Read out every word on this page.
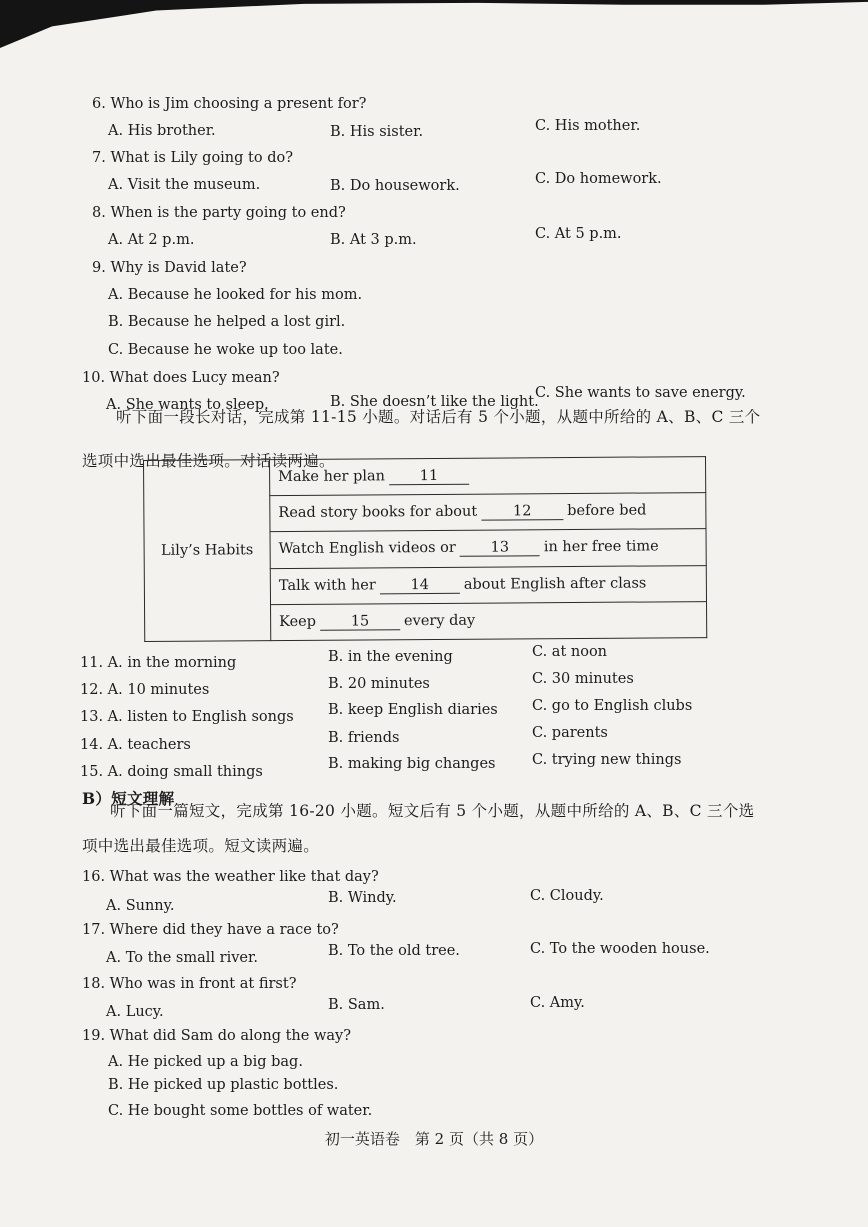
6. Who is Jim choosing a present for?
A. His brother.	B. His sister.	C. His mother.
7. What is Lily going to do?
A. Visit the museum.	B. Do housework.	C. Do homework.
8. When is the party going to end?
A. At 2 p.m.	B. At 3 p.m.	C. At 5 p.m.
9. Why is David late?
A. Because he looked for his mom.
B. Because he helped a lost girl.
C. Because he woke up too late.
10. What does Lucy mean?
A. She wants to sleep.	B. She doesn’t like the light.
C. She wants to save energy.
听下面一段长对话，完成第 11-15 小题。对话后有 5 个小题，从题中所给的 A、B、C 三个
选项中选出最佳选项。对话读两遍。
Lily’s Habits	Make her plan 11
Read story books for about 12 before bed
Watch English videos or 13 in her free time
Talk with her 14 about English after class
Keep 15 every day
11. A. in the morning	B. in the evening	C. at noon
12. A. 10 minutes	B. 20 minutes	C. 30 minutes
13. A. listen to English songs B. keep English diaries C. go to English clubs
14. A. teachers	B. friends	C. parents
15. A. doing small things	B. making big changes	C. trying new things
B）短文理解
听下面一篇短文，完成第 16-20 小题。短文后有 5 个小题，从题中所给的 A、B、C 三个选
项中选出最佳选项。短文读两遍。
16. What was the weather like that day?
A. Sunny.	B. Windy.	C. Cloudy.
17. Where did they have a race to?
A. To the small river.	B. To the old tree.	C. To the wooden house.
18. Who was in front at first?
A. Lucy.	B. Sam.	C. Amy.
19. What did Sam do along the way?
A. He picked up a big bag.
B. He picked up plastic bottles.
C. He bought some bottles of water.
初一英语卷　第 2 页（共 8 页）
